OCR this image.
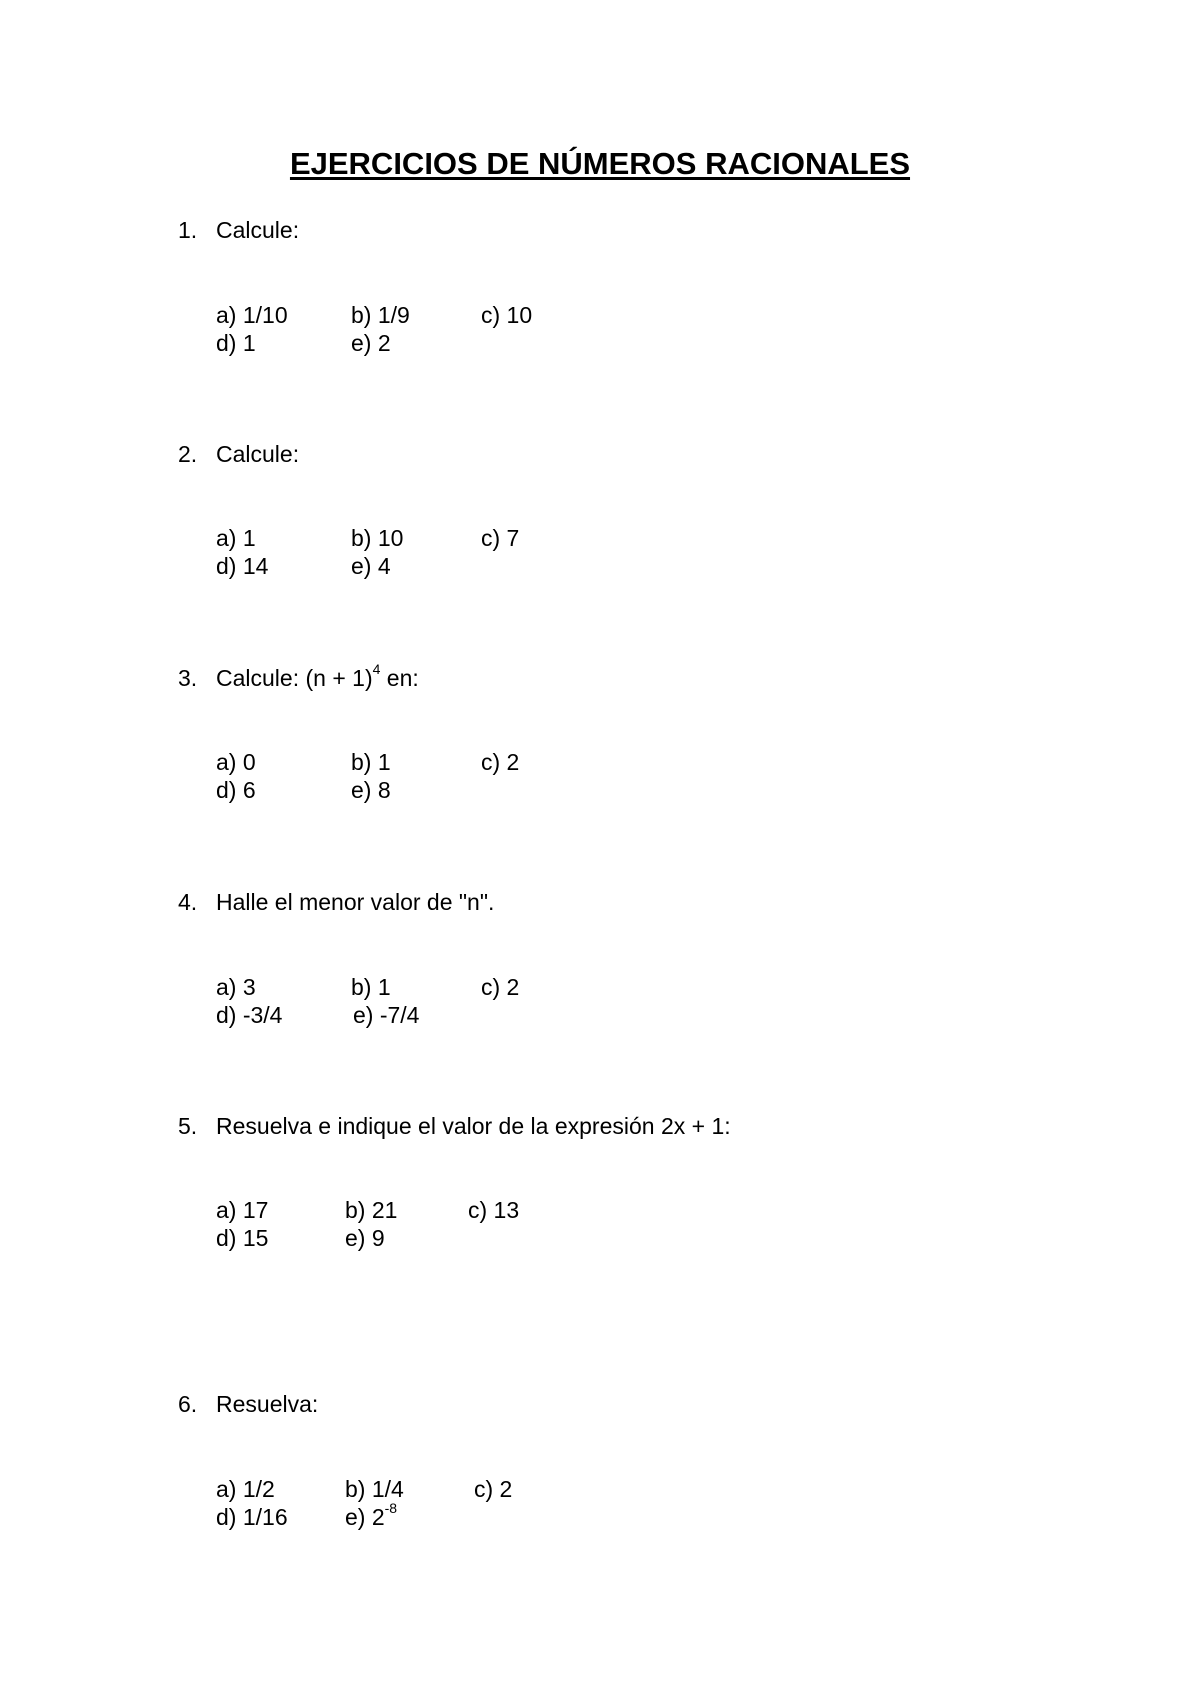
EJERCICIOS DE NÚMEROS RACIONALES
1. Calcule:
a) 1/10	b) 1/9	c) 10
d) 1	e) 2
2. Calcule:
a) 1	b) 10	c) 7
d) 14	e) 4
3. Calcule: $(n + 1)^4$ en:
a) 0	b) 1	c) 2
d) 6	e) 8
4. Halle el menor valor de "n".
a) 3	b) 1	c) 2
d) -3/4	e) -7/4
5. Resuelva e indique el valor de la expresión 2x + 1:
a) 17	b) 21	c) 13
d) 15	e) 9
6. Resuelva:
a) 1/2	b) 1/4	c) 2
d) 1/16 e) $2^{-8}$
